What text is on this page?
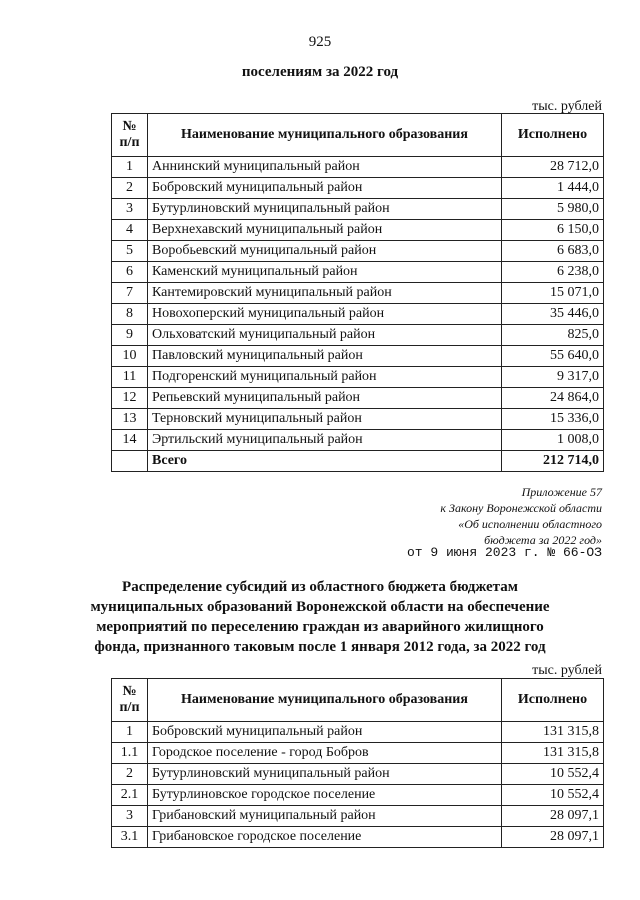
925
поселениям за 2022 год
тыс. рублей
№ п/п	Наименование муниципального образования	Исполнено
1	Аннинский муниципальный район	28 712,0
2	Бобровский муниципальный район	1 444,0
3	Бутурлиновский муниципальный район	5 980,0
4	Верхнехавский муниципальный район	6 150,0
5	Воробьевский муниципальный район	6 683,0
6	Каменский муниципальный район	6 238,0
7	Кантемировский муниципальный район	15 071,0
8	Новохоперский муниципальный район	35 446,0
9	Ольховатский муниципальный район	825,0
10	Павловский муниципальный район	55 640,0
11	Подгоренский муниципальный район	9 317,0
12	Репьевский муниципальный район	24 864,0
13	Терновский муниципальный район	15 336,0
14	Эртильский муниципальный район	1 008,0
	Всего	212 714,0
Приложение 57
к Закону Воронежской области
«Об исполнении областного
бюджета за 2022 год»
от 9 июня 2023 г. № 66-ОЗ
Распределение субсидий из областного бюджета бюджетам
муниципальных образований Воронежской области на обеспечение
мероприятий по переселению граждан из аварийного жилищного
фонда, признанного таковым после 1 января 2012 года, за 2022 год
тыс. рублей
№ п/п	Наименование муниципального образования	Исполнено
1	Бобровский муниципальный район	131 315,8
1.1	Городское поселение - город Бобров	131 315,8
2	Бутурлиновский муниципальный район	10 552,4
2.1	Бутурлиновское городское поселение	10 552,4
3	Грибановский муниципальный район	28 097,1
3.1	Грибановское городское поселение	28 097,1
